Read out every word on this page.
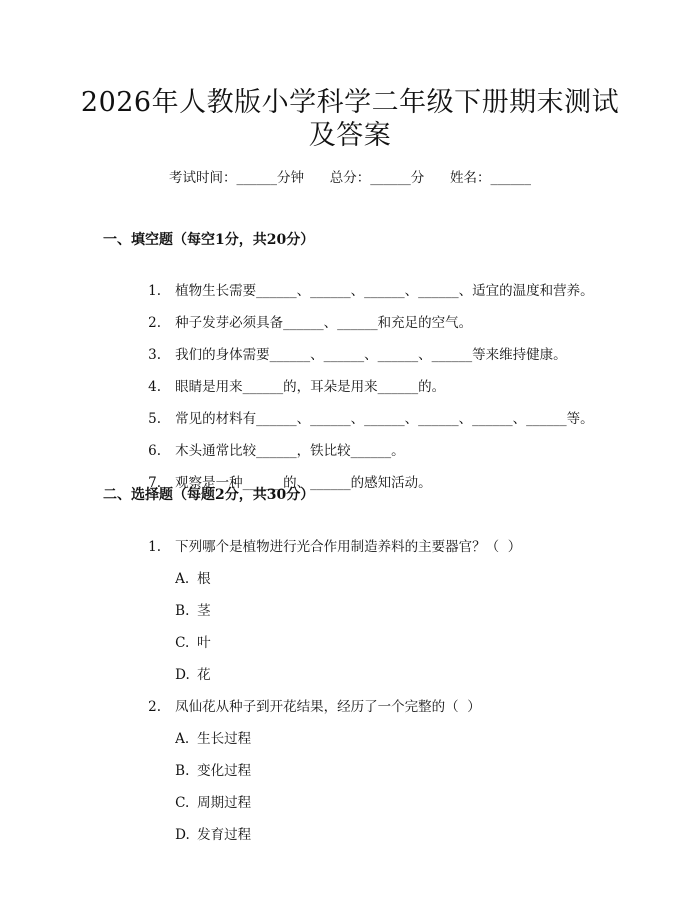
2026年人教版小学科学二年级下册期末测试
及答案
考试时间：______分钟      总分：______分      姓名：______
一、填空题（每空1分，共20分）

1. 植物生长需要______、______、______、______、适宜的温度和营养。

2. 种子发芽必须具备______、______和充足的空气。

3. 我们的身体需要______、______、______、______等来维持健康。

4. 眼睛是用来______的，耳朵是用来______的。

5. 常见的材料有______、______、______、______、______、______等。

6. 木头通常比较______，铁比较______。

7. 观察是一种______的、______的感知活动。

二、选择题（每题2分，共30分）

1. 下列哪个是植物进行光合作用制造养料的主要器官？（  ）

A. 根

B. 茎

C. 叶

D. 花

2. 凤仙花从种子到开花结果，经历了一个完整的（  ）

A. 生长过程

B. 变化过程

C. 周期过程

D. 发育过程
